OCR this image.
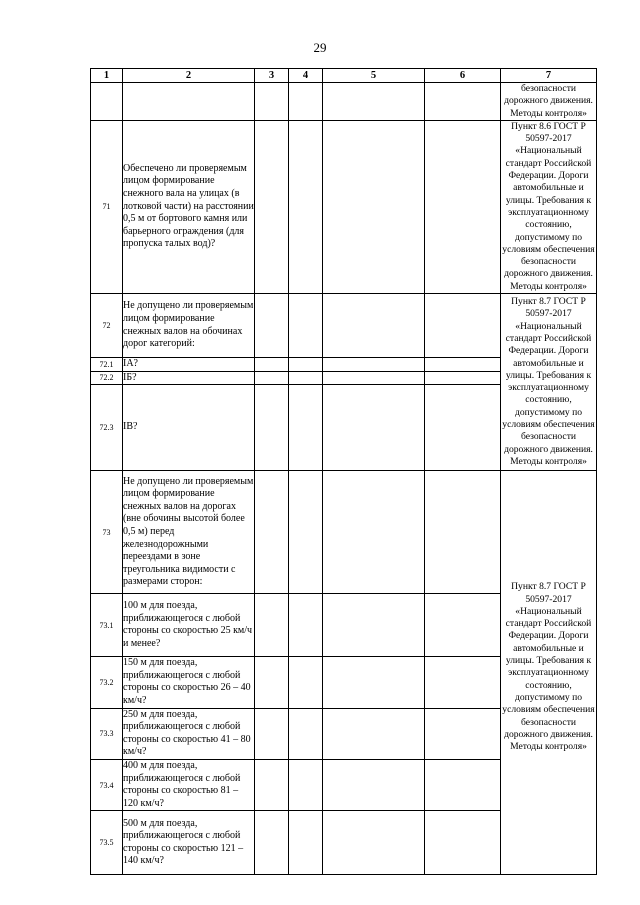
29
1	2	3	4	5	6	7
						безопасности дорожного движения. Методы контроля»
71	Обеспечено ли проверяемым лицом формирование снежного вала на улицах (в лотковой части) на расстоянии 0,5 м от бортового камня или барьерного ограждения (для пропуска талых вод)?					Пункт 8.6 ГОСТ Р 50597-2017 «Национальный стандарт Российской Федерации. Дороги автомобильные и улицы. Требования к эксплуатационному состоянию, допустимому по условиям обеспечения безопасности дорожного движения. Методы контроля»
72	Не допущено ли проверяемым лицом формирование снежных валов на обочинах дорог категорий:					Пункт 8.7 ГОСТ Р 50597-2017 «Национальный стандарт Российской Федерации. Дороги автомобильные и улицы. Требования к эксплуатационному состоянию, допустимому по условиям обеспечения безопасности дорожного движения. Методы контроля»
72.1	IA?					
72.2	IБ?					
72.3	IB?					
73	Не допущено ли проверяемым лицом формирование снежных валов на дорогах (вне обочины высотой более 0,5 м) перед железнодорожными переездами в зоне треугольника видимости с размерами сторон:					Пункт 8.7 ГОСТ Р 50597-2017 «Национальный стандарт Российской Федерации. Дороги автомобильные и улицы. Требования к эксплуатационному состоянию, допустимому по условиям обеспечения безопасности дорожного движения. Методы контроля»
73.1	100 м для поезда, приближающегося с любой стороны со скоростью 25 км/ч и менее?					
73.2	150 м для поезда, приближающегося с любой стороны со скоростью 26 – 40 км/ч?					
73.3	250 м для поезда, приближающегося с любой стороны со скоростью 41 – 80 км/ч?					
73.4	400 м для поезда, приближающегося с любой стороны со скоростью 81 – 120 км/ч?					
73.5	500 м для поезда, приближающегося с любой стороны со скоростью 121 – 140 км/ч?					
